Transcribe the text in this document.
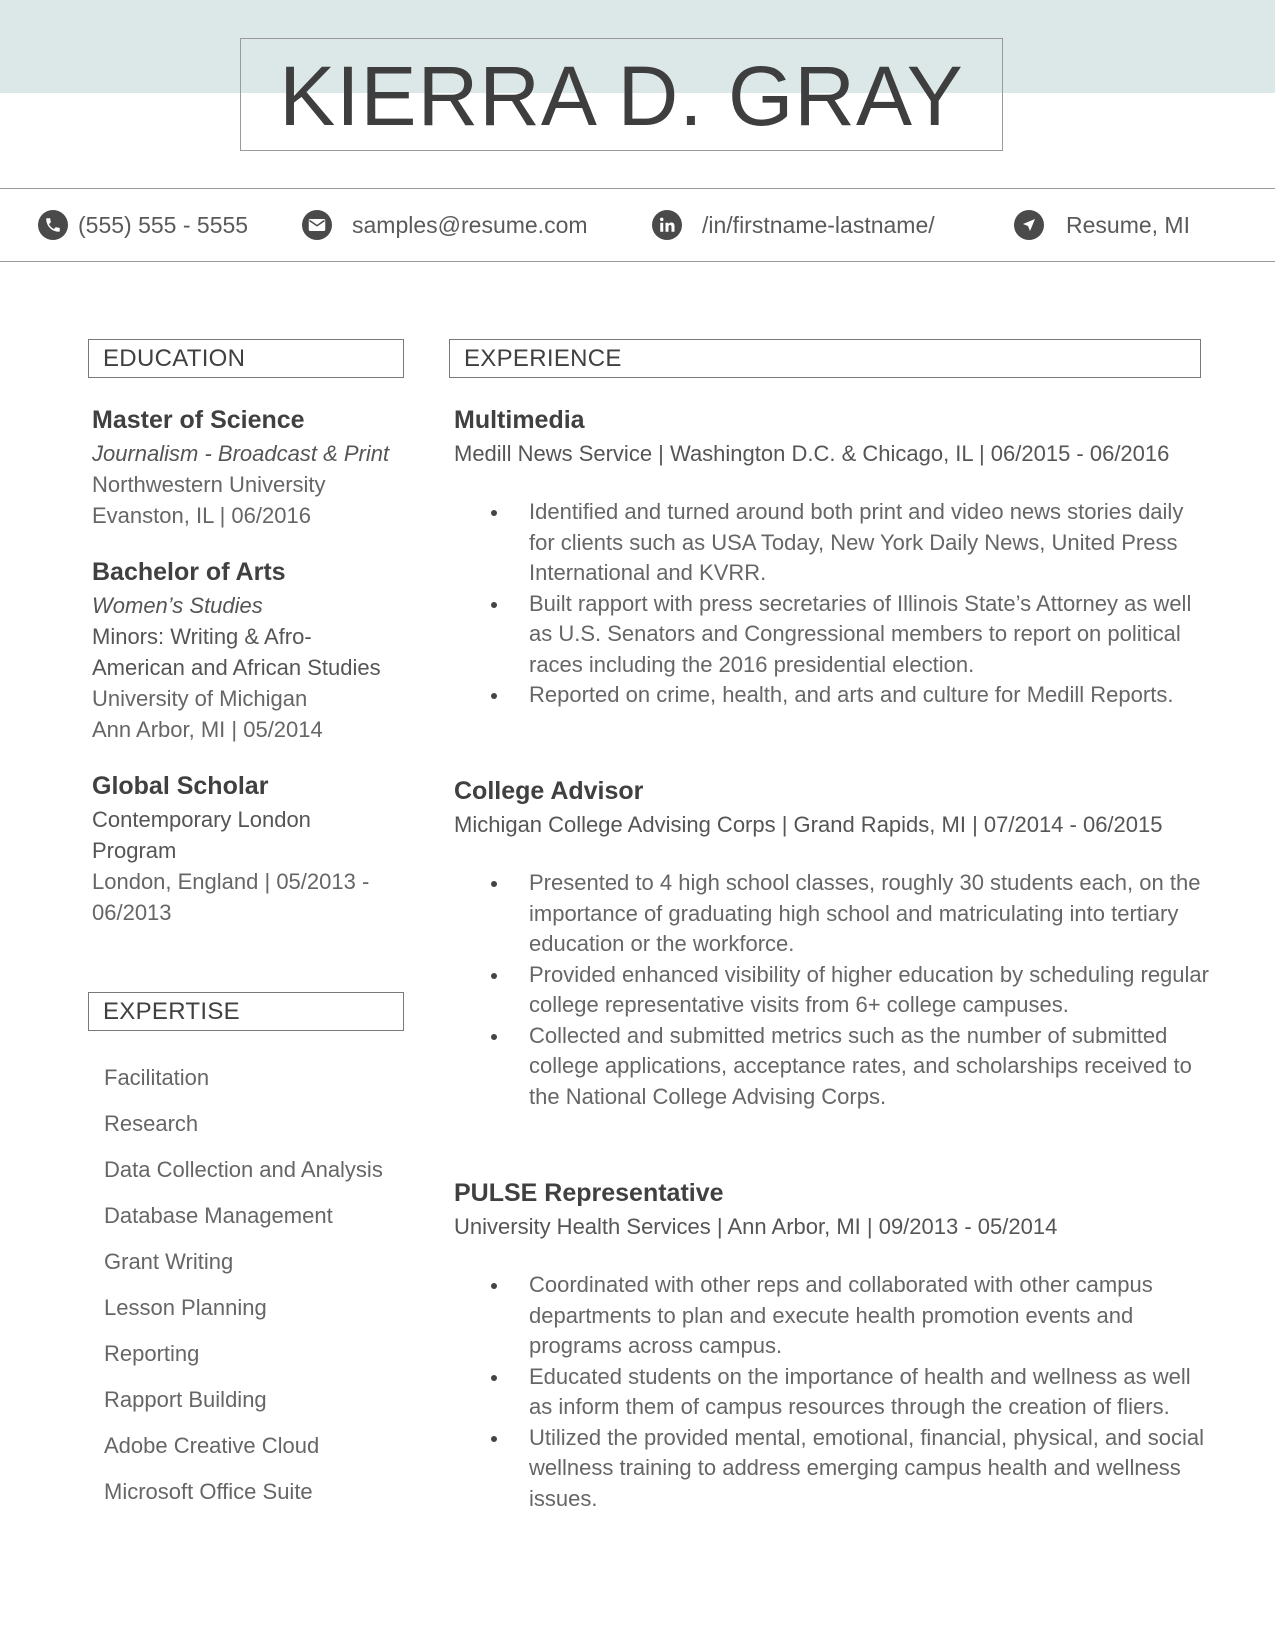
KIERRA D. GRAY
(555) 555 - 5555	samples@resume.com	/in/firstname-lastname/	Resume, MI
EDUCATION	EXPERIENCE
EXPERTISE
Master of Science
Journalism - Broadcast & Print
Northwestern University
Evanston, IL | 06/2016
Bachelor of Arts
Women’s Studies
Minors: Writing & Afro-
American and African Studies
University of Michigan
Ann Arbor, MI | 05/2014
Global Scholar
Contemporary London
Program
London, England | 05/2013 -
06/2013
Facilitation
Research
Data Collection and Analysis
Database Management
Grant Writing
Lesson Planning
Reporting
Rapport Building
Adobe Creative Cloud
Microsoft Office Suite
Multimedia
Medill News Service | Washington D.C. & Chicago, IL | 06/2015 - 06/2016
Identified and turned around both print and video news stories daily for clients such as USA Today, New York Daily News, United Press International and KVRR.
Built rapport with press secretaries of Illinois State’s Attorney as well as U.S. Senators and Congressional members to report on political races including the 2016 presidential election.
Reported on crime, health, and arts and culture for Medill Reports.
College Advisor
Michigan College Advising Corps | Grand Rapids, MI | 07/2014 - 06/2015
Presented to 4 high school classes, roughly 30 students each, on the importance of graduating high school and matriculating into tertiary education or the workforce.
Provided enhanced visibility of higher education by scheduling regular college representative visits from 6+ college campuses.
Collected and submitted metrics such as the number of submitted college applications, acceptance rates, and scholarships received to the National College Advising Corps.
PULSE Representative
University Health Services | Ann Arbor, MI | 09/2013 - 05/2014
Coordinated with other reps and collaborated with other campus departments to plan and execute health promotion events and programs across campus.
Educated students on the importance of health and wellness as well as inform them of campus resources through the creation of fliers.
Utilized the provided mental, emotional, financial, physical, and social wellness training to address emerging campus health and wellness issues.
